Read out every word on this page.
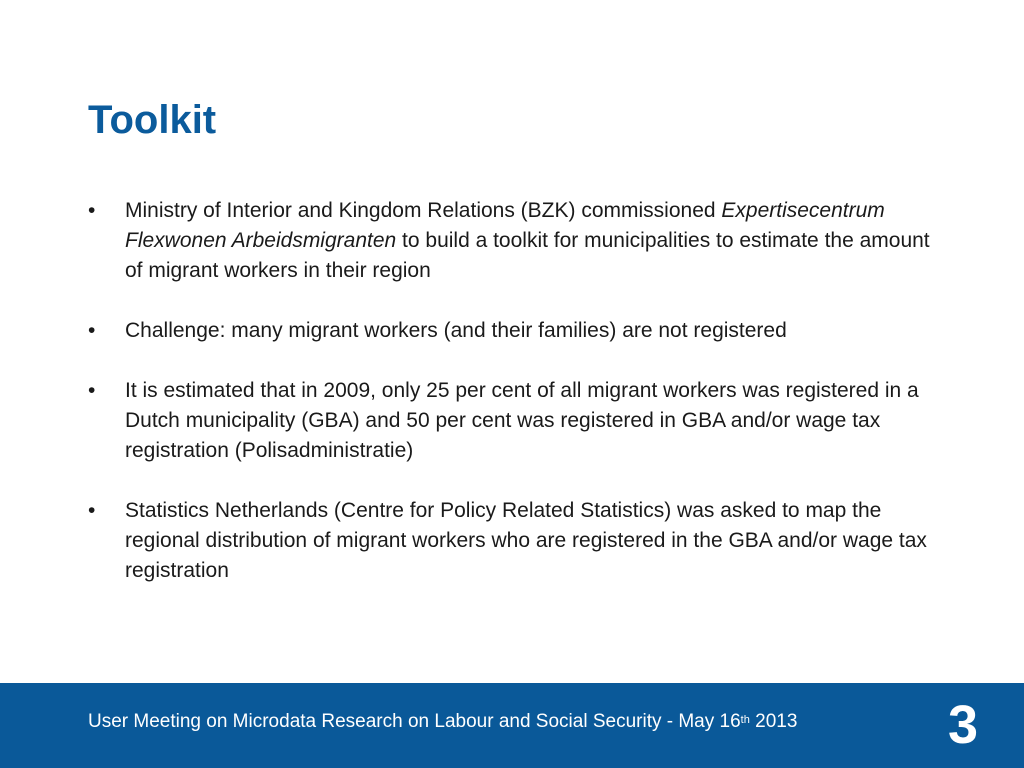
Toolkit
•	Ministry of Interior and Kingdom Relations (BZK) commissioned Expertisecentrum Flexwonen Arbeidsmigranten to build a toolkit for municipalities to estimate the amount of migrant workers in their region
•	Challenge: many migrant workers (and their families) are not registered
•	It is estimated that in 2009, only 25 per cent of all migrant workers was registered in a Dutch municipality (GBA) and 50 per cent was registered in GBA and/or wage tax registration (Polisadministratie)
•	Statistics Netherlands (Centre for Policy Related Statistics) was asked to map the regional distribution of migrant workers who are registered in the GBA and/or wage tax registration
User Meeting on Microdata Research on Labour and Social Security - May 16th 2013	3
